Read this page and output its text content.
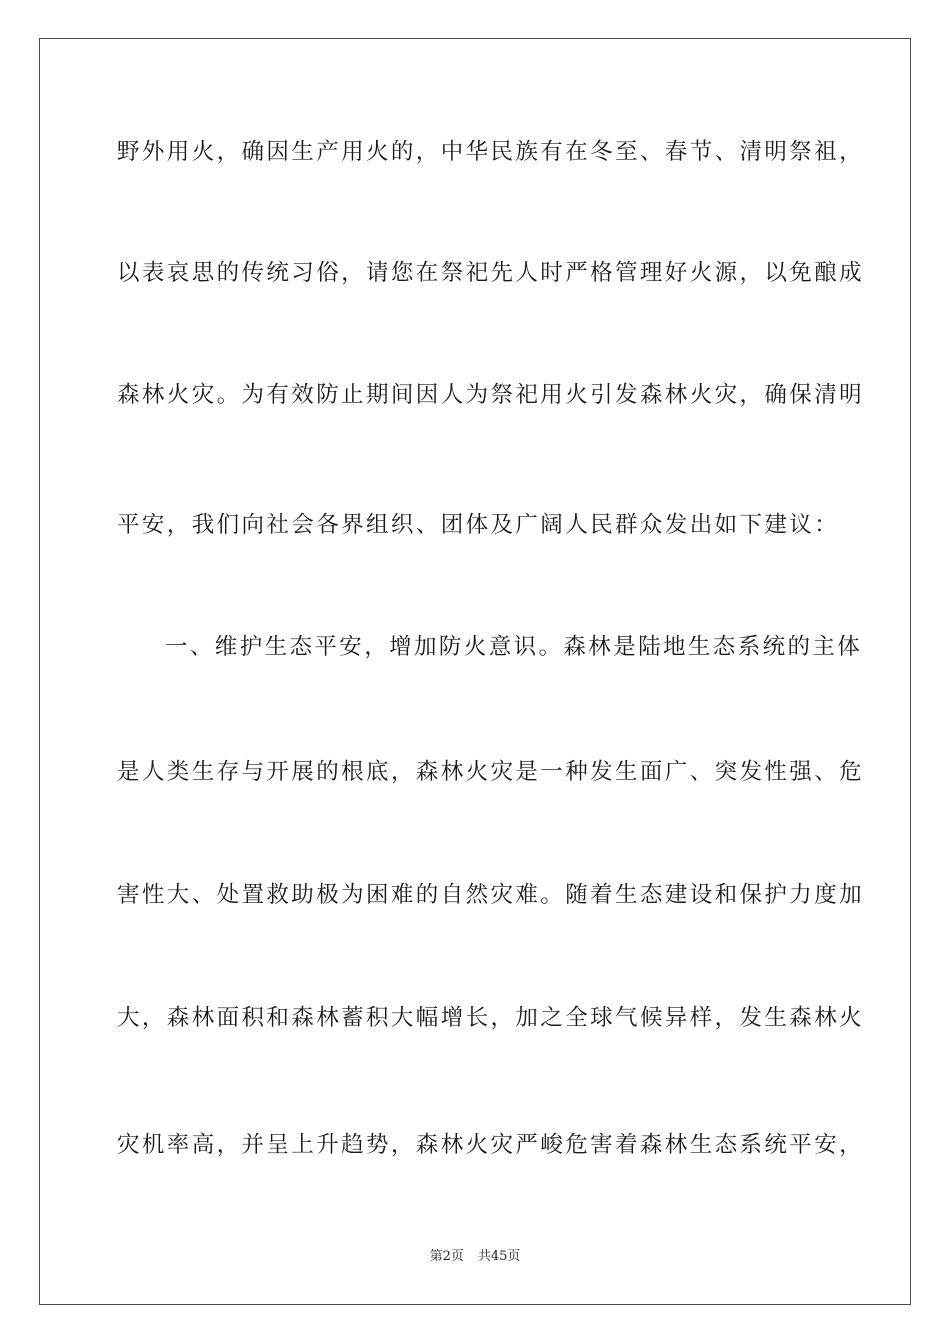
野外用火，确因生产用火的，中华民族有在冬至、春节、清明祭祖，
以表哀思的传统习俗，请您在祭祀先人时严格管理好火源，以免酿成
森林火灾。为有效防止期间因人为祭祀用火引发森林火灾，确保清明
平安，我们向社会各界组织、团体及广阔人民群众发出如下建议：
一、维护生态平安，增加防火意识。森林是陆地生态系统的主体
是人类生存与开展的根底，森林火灾是一种发生面广、突发性强、危
害性大、处置救助极为困难的自然灾难。随着生态建设和保护力度加
大，森林面积和森林蓄积大幅增长，加之全球气候异样，发生森林火
灾机率高，并呈上升趋势，森林火灾严峻危害着森林生态系统平安，
第2页 共45页
